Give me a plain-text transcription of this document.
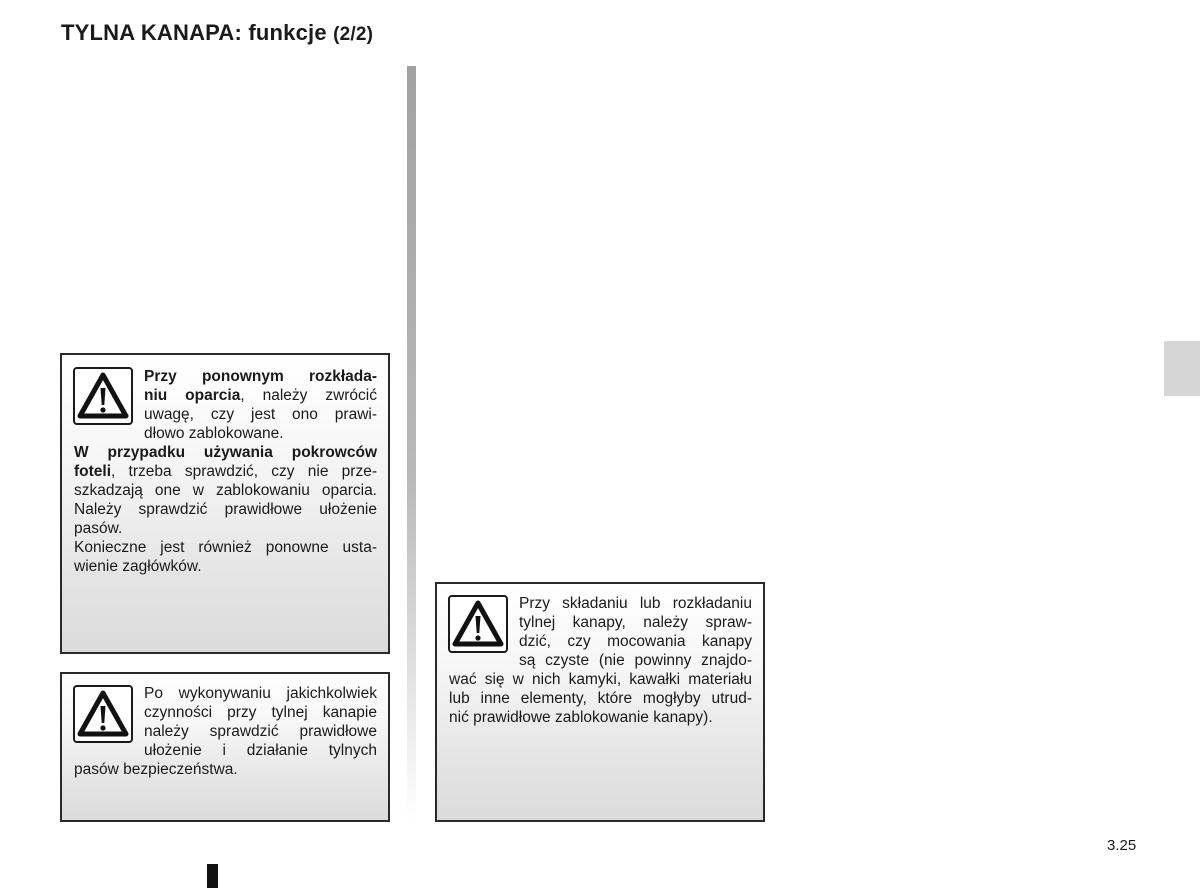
TYLNA KANAPA: funkcje (2/2)
3.25
Przy ponownym rozkłada-
niu oparcia, należy zwrócić
uwagę, czy jest ono prawi-
dłowo zablokowane.
W przypadku używania pokrowców
foteli, trzeba sprawdzić, czy nie prze-
szkadzają one w zablokowaniu oparcia.
Należy sprawdzić prawidłowe ułożenie
pasów.
Konieczne jest również ponowne usta-
wienie zagłówków.
Po wykonywaniu jakichkolwiek
czynności przy tylnej kanapie
należy sprawdzić prawidłowe
ułożenie i działanie tylnych
pasów bezpieczeństwa.
Przy składaniu lub rozkładaniu
tylnej kanapy, należy spraw-
dzić, czy mocowania kanapy
są czyste (nie powinny znajdo-
wać się w nich kamyki, kawałki materiału
lub inne elementy, które mogłyby utrud-
nić prawidłowe zablokowanie kanapy).
